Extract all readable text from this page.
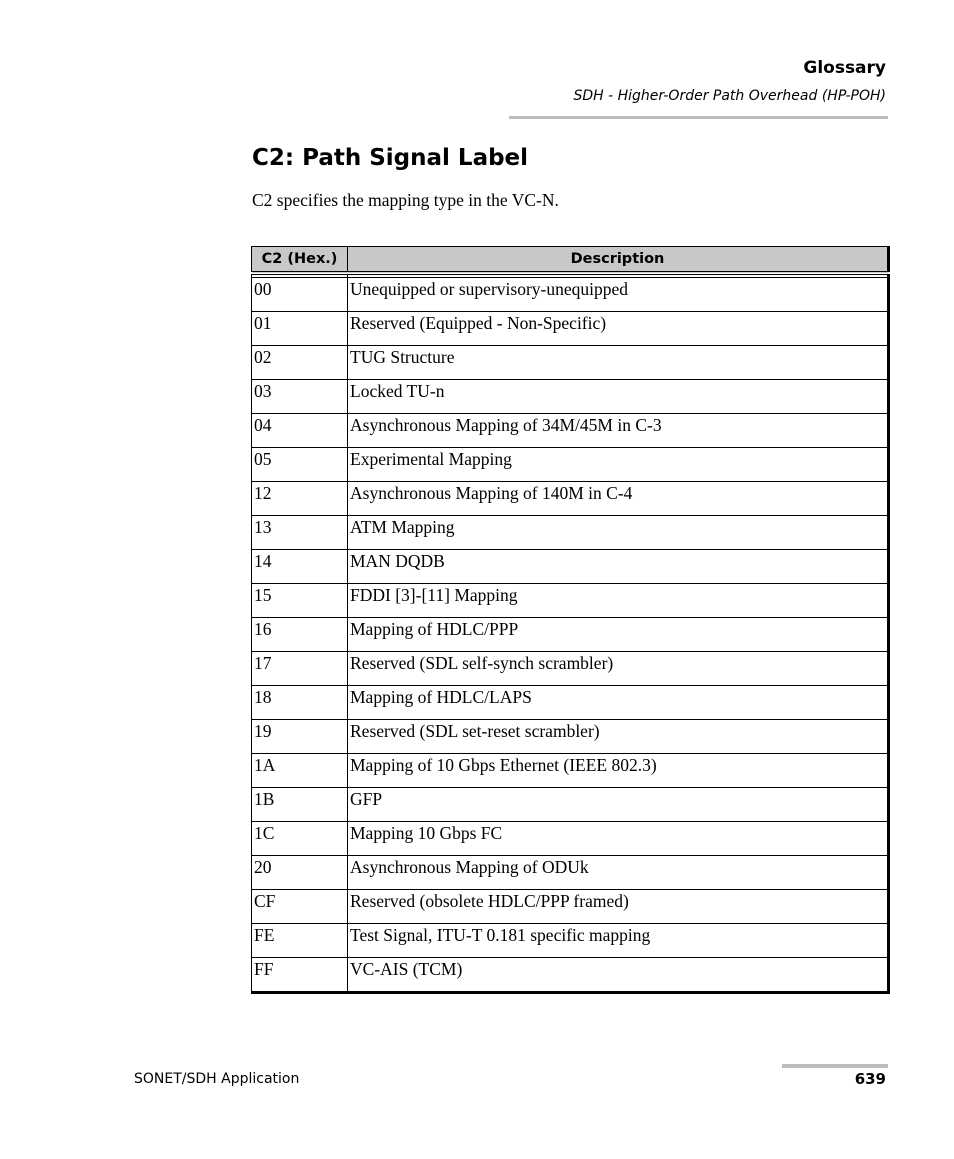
Glossary
SDH - Higher-Order Path Overhead (HP-POH)
C2: Path Signal Label

C2 specifies the mapping type in the VC-N.

C2 (Hex.)	Description

00	Unequipped or supervisory-unequipped
01	Reserved (Equipped - Non-Specific)
02	TUG Structure
03	Locked TU-n
04	Asynchronous Mapping of 34M/45M in C-3
05	Experimental Mapping
12	Asynchronous Mapping of 140M in C-4
13	ATM Mapping
14	MAN DQDB
15	FDDI [3]-[11] Mapping
16	Mapping of HDLC/PPP
17	Reserved (SDL self-synch scrambler)
18	Mapping of HDLC/LAPS
19	Reserved (SDL set-reset scrambler)
1A	Mapping of 10 Gbps Ethernet (IEEE 802.3)
1B	GFP
1C	Mapping 10 Gbps FC
20	Asynchronous Mapping of ODUk
CF	Reserved (obsolete HDLC/PPP framed)
FE	Test Signal, ITU-T 0.181 specific mapping
FF	VC-AIS (TCM)
SONET/SDH Application	639
